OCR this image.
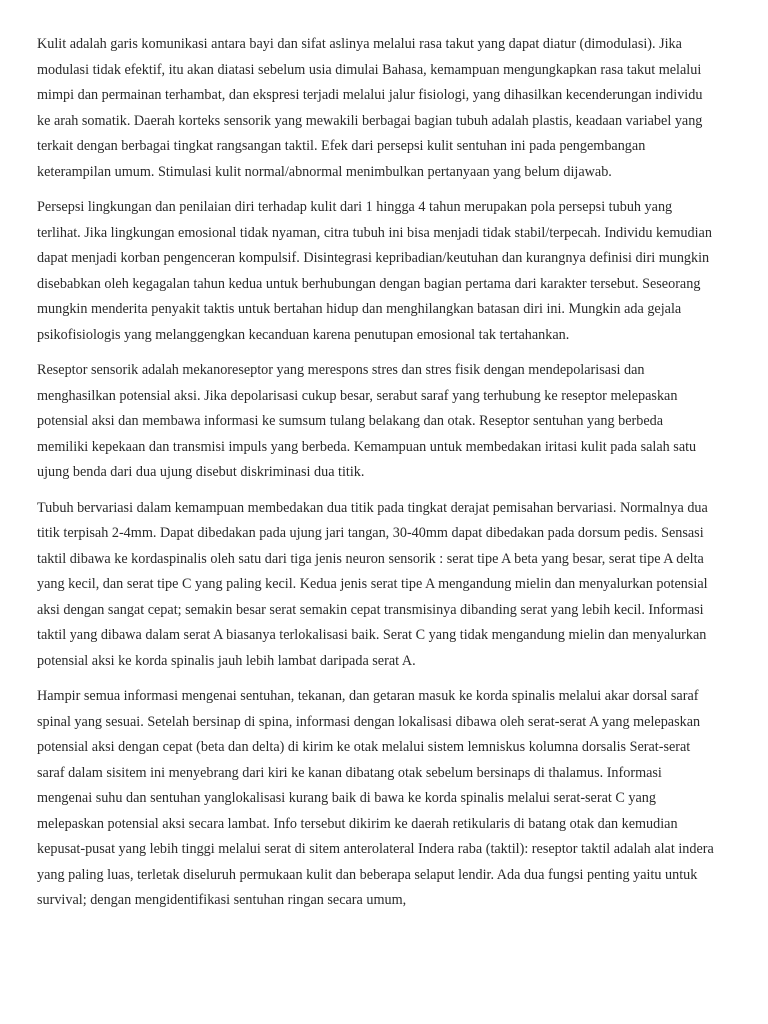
Kulit adalah garis komunikasi antara bayi dan sifat aslinya melalui rasa takut yang dapat diatur (dimodulasi). Jika modulasi tidak efektif, itu akan diatasi sebelum usia dimulai Bahasa, kemampuan mengungkapkan rasa takut melalui mimpi dan permainan terhambat, dan ekspresi terjadi melalui jalur fisiologi, yang dihasilkan kecenderungan individu ke arah somatik. Daerah korteks sensorik yang mewakili berbagai bagian tubuh adalah plastis, keadaan variabel yang terkait dengan berbagai tingkat rangsangan taktil. Efek dari persepsi kulit sentuhan ini pada pengembangan keterampilan umum. Stimulasi kulit normal/abnormal menimbulkan pertanyaan yang belum dijawab.

Persepsi lingkungan dan penilaian diri terhadap kulit dari 1 hingga 4 tahun merupakan pola persepsi tubuh yang terlihat. Jika lingkungan emosional tidak nyaman, citra tubuh ini bisa menjadi tidak stabil/terpecah. Individu kemudian dapat menjadi korban pengenceran kompulsif. Disintegrasi kepribadian/keutuhan dan kurangnya definisi diri mungkin disebabkan oleh kegagalan tahun kedua untuk berhubungan dengan bagian pertama dari karakter tersebut. Seseorang mungkin menderita penyakit taktis untuk bertahan hidup dan menghilangkan batasan diri ini. Mungkin ada gejala psikofisiologis yang melanggengkan kecanduan karena penutupan emosional tak tertahankan.

Reseptor sensorik adalah mekanoreseptor yang merespons stres dan stres fisik dengan mendepolarisasi dan menghasilkan potensial aksi. Jika depolarisasi cukup besar, serabut saraf yang terhubung ke reseptor melepaskan potensial aksi dan membawa informasi ke sumsum tulang belakang dan otak. Reseptor sentuhan yang berbeda memiliki kepekaan dan transmisi impuls yang berbeda. Kemampuan untuk membedakan iritasi kulit pada salah satu ujung benda dari dua ujung disebut diskriminasi dua titik.

Tubuh bervariasi dalam kemampuan membedakan dua titik pada tingkat derajat pemisahan bervariasi. Normalnya dua titik terpisah 2-4mm. Dapat dibedakan pada ujung jari tangan, 30-40mm dapat dibedakan pada dorsum pedis. Sensasi taktil dibawa ke kordaspinalis oleh satu dari tiga jenis neuron sensorik : serat tipe A beta yang besar, serat tipe A delta yang kecil, dan serat tipe C yang paling kecil. Kedua jenis serat tipe A mengandung mielin dan menyalurkan potensial aksi dengan sangat cepat; semakin besar serat semakin cepat transmisinya dibanding serat yang lebih kecil. Informasi taktil yang dibawa dalam serat A biasanya terlokalisasi baik. Serat C yang tidak mengandung mielin dan menyalurkan potensial aksi ke korda spinalis jauh lebih lambat daripada serat A.

Hampir semua informasi mengenai sentuhan, tekanan, dan getaran masuk ke korda spinalis melalui akar dorsal saraf spinal yang sesuai. Setelah bersinap di spina, informasi dengan lokalisasi dibawa oleh serat-serat A yang melepaskan potensial aksi dengan cepat (beta dan delta) di kirim ke otak melalui sistem lemniskus kolumna dorsalis Serat-serat saraf dalam sisitem ini menyebrang dari kiri ke kanan dibatang otak sebelum bersinaps di thalamus. Informasi mengenai suhu dan sentuhan yanglokalisasi kurang baik di bawa ke korda spinalis melalui serat-serat C yang melepaskan potensial aksi secara lambat. Info tersebut dikirim ke daerah retikularis di batang otak dan kemudian kepusat-pusat yang lebih tinggi melalui serat di sitem anterolateral Indera raba (taktil): reseptor taktil adalah alat indera yang paling luas, terletak diseluruh permukaan kulit dan beberapa selaput lendir. Ada dua fungsi penting yaitu untuk survival; dengan mengidentifikasi sentuhan ringan secara umum,
